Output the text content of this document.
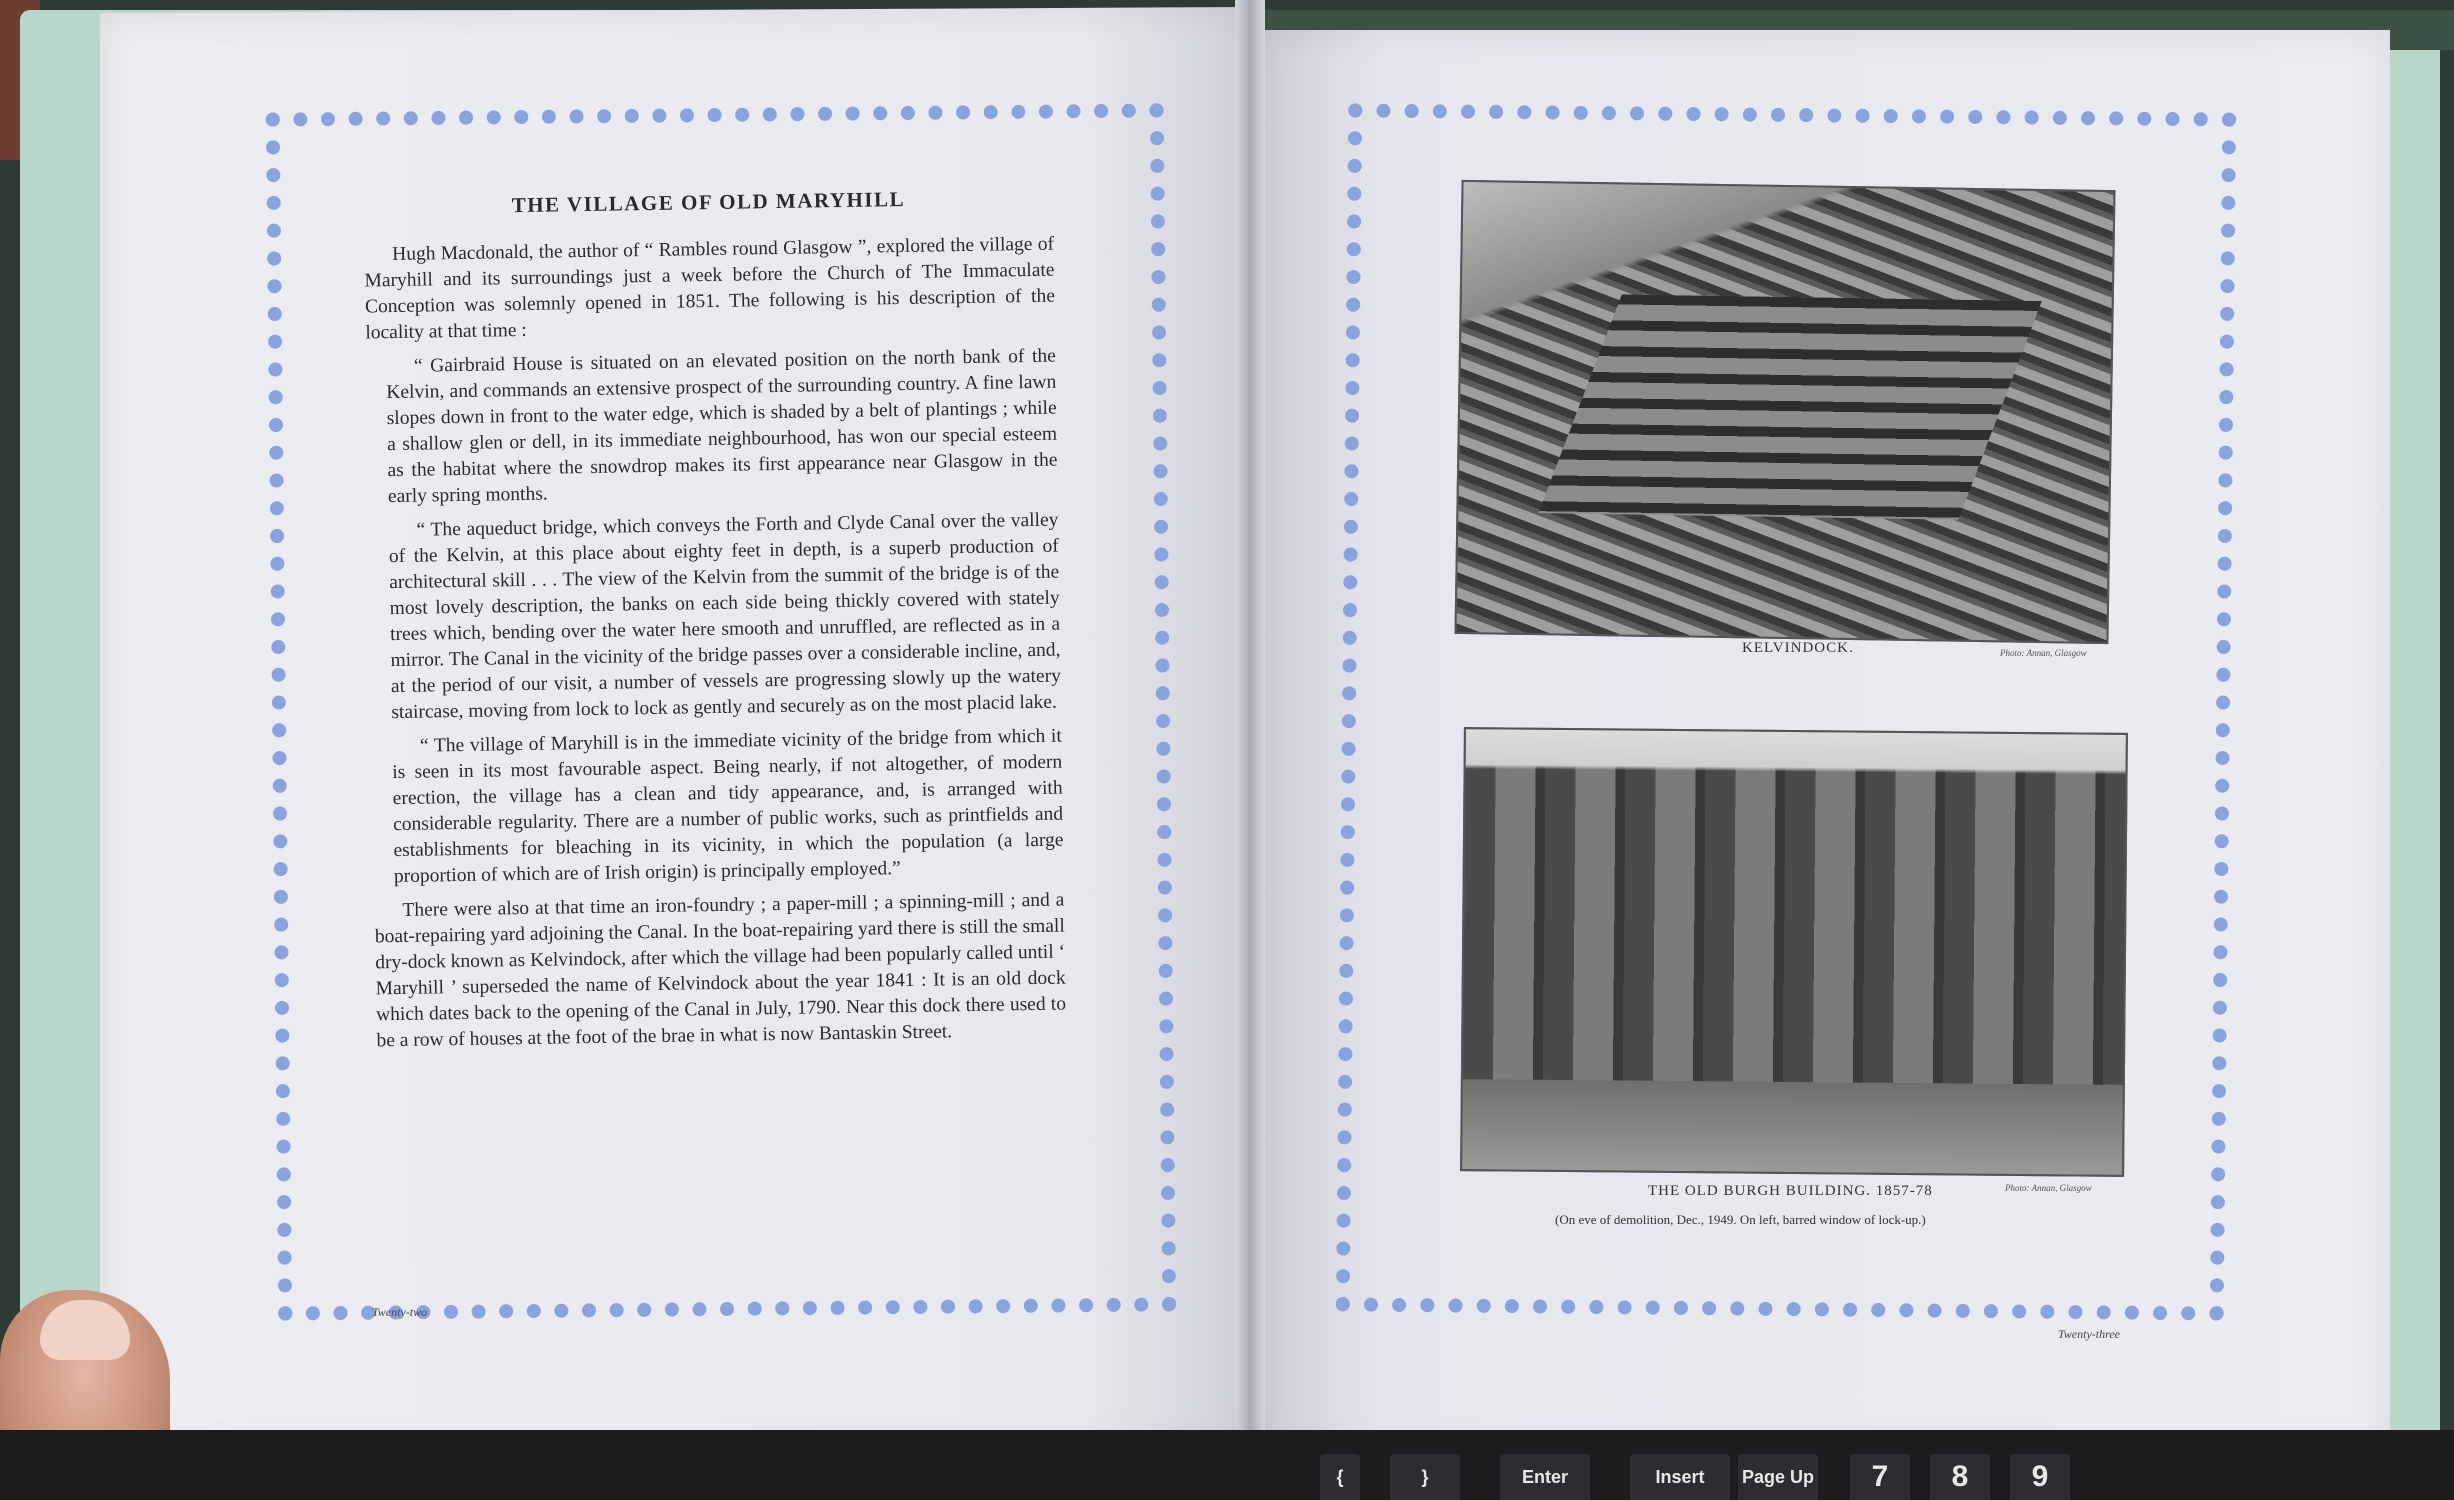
THE VILLAGE OF OLD MARYHILL

Hugh Macdonald, the author of “ Rambles round Glasgow ”, explored the village of Maryhill and its surroundings just a week before the Church of The Immaculate Conception was solemnly opened in 1851. The following is his description of the locality at that time :

“ Gairbraid House is situated on an elevated position on the north bank of the Kelvin, and commands an extensive prospect of the surrounding country. A fine lawn slopes down in front to the water edge, which is shaded by a belt of plantings ; while a shallow glen or dell, in its immediate neighbourhood, has won our special esteem as the habitat where the snowdrop makes its first appearance near Glasgow in the early spring months.

“ The aqueduct bridge, which conveys the Forth and Clyde Canal over the valley of the Kelvin, at this place about eighty feet in depth, is a superb production of architectural skill . . . The view of the Kelvin from the summit of the bridge is of the most lovely description, the banks on each side being thickly covered with stately trees which, bending over the water here smooth and unruffled, are reflected as in a mirror. The Canal in the vicinity of the bridge passes over a considerable incline, and, at the period of our visit, a number of vessels are progressing slowly up the watery staircase, moving from lock to lock as gently and securely as on the most placid lake.

“ The village of Maryhill is in the immediate vicinity of the bridge from which it is seen in its most favourable aspect. Being nearly, if not altogether, of modern erection, the village has a clean and tidy appearance, and, is arranged with considerable regularity. There are a number of public works, such as printfields and establishments for bleaching in its vicinity, in which the population (a large proportion of which are of Irish origin) is principally employed.”

There were also at that time an iron-foundry ; a paper-mill ; a spinning-mill ; and a boat-repairing yard adjoining the Canal. In the boat-repairing yard there is still the small dry-dock known as Kelvindock, after which the village had been popularly called until ‘ Maryhill ’ superseded the name of Kelvindock about the year 1841 : It is an old dock which dates back to the opening of the Canal in July, 1790. Near this dock there used to be a row of houses at the foot of the brae in what is now Bantaskin Street.

Twenty-two
KELVINDOCK.	Photo: Annan, Glasgow
THE OLD BURGH BUILDING. 1857-78	Photo: Annan, Glasgow
(On eve of demolition, Dec., 1949. On left, barred window of lock-up.)
Twenty-three
{	}	Enter	Insert	Page Up	7	8	9
